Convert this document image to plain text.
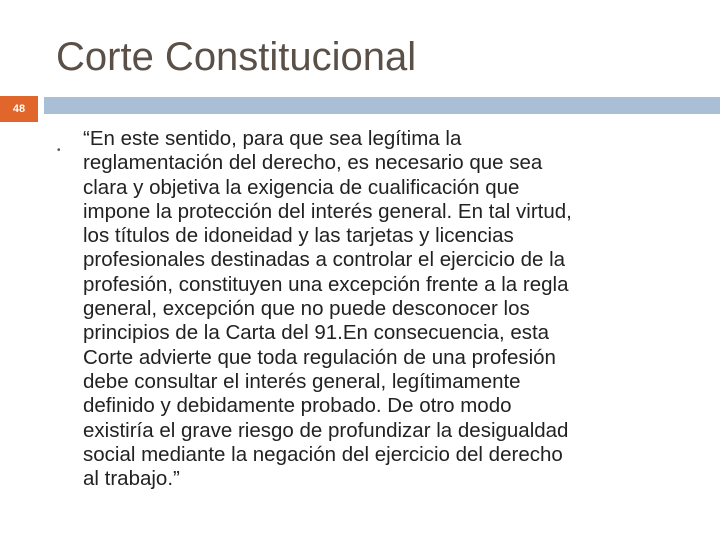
Corte Constitucional
48
•

“En este sentido, para que sea legítima la
reglamentación del derecho, es necesario que sea
clara y objetiva la exigencia de cualificación que
impone la protección del interés general. En tal virtud,
los títulos de idoneidad y las tarjetas y licencias
profesionales destinadas a controlar el ejercicio de la
profesión, constituyen una excepción frente a la regla
general, excepción que no puede desconocer los
principios de la Carta del 91.En consecuencia, esta
Corte advierte que toda regulación de una profesión
debe consultar el interés general, legítimamente
definido y debidamente probado. De otro modo
existiría el grave riesgo de profundizar la desigualdad
social mediante la negación del ejercicio del derecho
al trabajo.”
